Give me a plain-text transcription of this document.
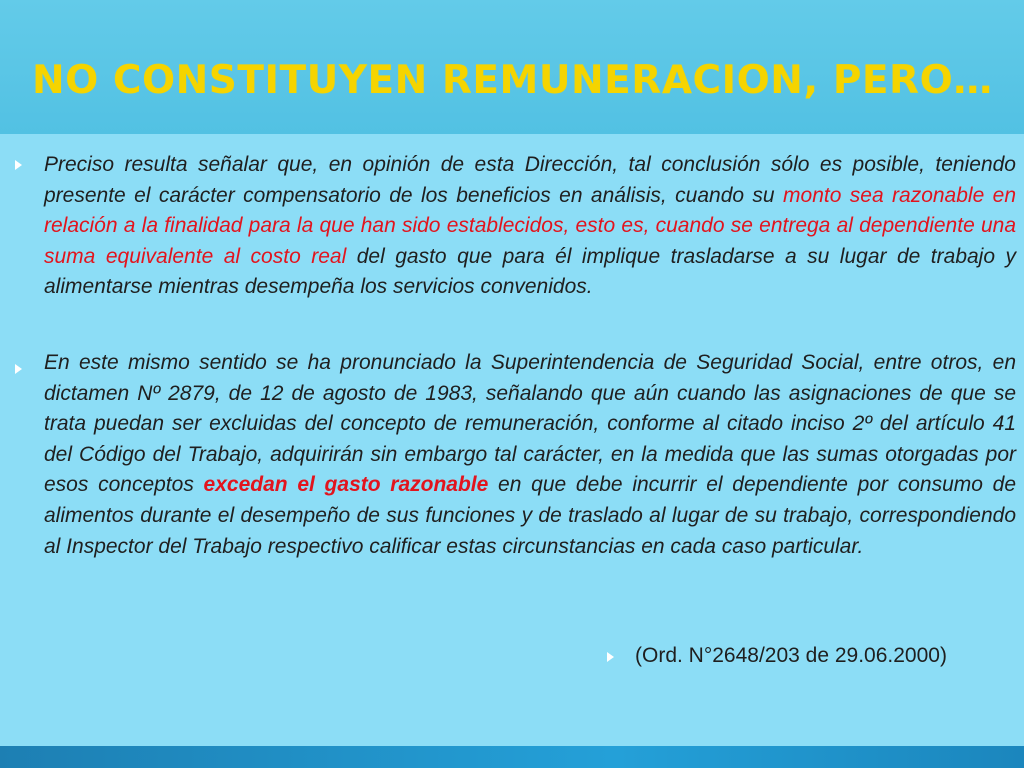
NO CONSTITUYEN REMUNERACION, PERO…
Preciso resulta señalar que, en opinión de esta Dirección, tal conclusión sólo es posible, teniendo presente el carácter compensatorio de los beneficios en análisis, cuando su monto sea razonable en relación a la finalidad para la que han sido establecidos, esto es, cuando se entrega al dependiente una suma equivalente al costo real del gasto que para él implique trasladarse a su lugar de trabajo y alimentarse mientras desempeña los servicios convenidos.
En este mismo sentido se ha pronunciado la Superintendencia de Seguridad Social, entre otros, en dictamen Nº 2879, de 12 de agosto de 1983, señalando que aún cuando las asignaciones de que se trata puedan ser excluidas del concepto de remuneración, conforme al citado inciso 2º del artículo 41 del Código del Trabajo, adquirirán sin embargo tal carácter, en la medida que las sumas otorgadas por esos conceptos excedan el gasto razonable en que debe incurrir el dependiente por consumo de alimentos durante el desempeño de sus funciones y de traslado al lugar de su trabajo, correspondiendo al Inspector del Trabajo respectivo calificar estas circunstancias en cada caso particular.
(Ord. N°2648/203 de 29.06.2000)
